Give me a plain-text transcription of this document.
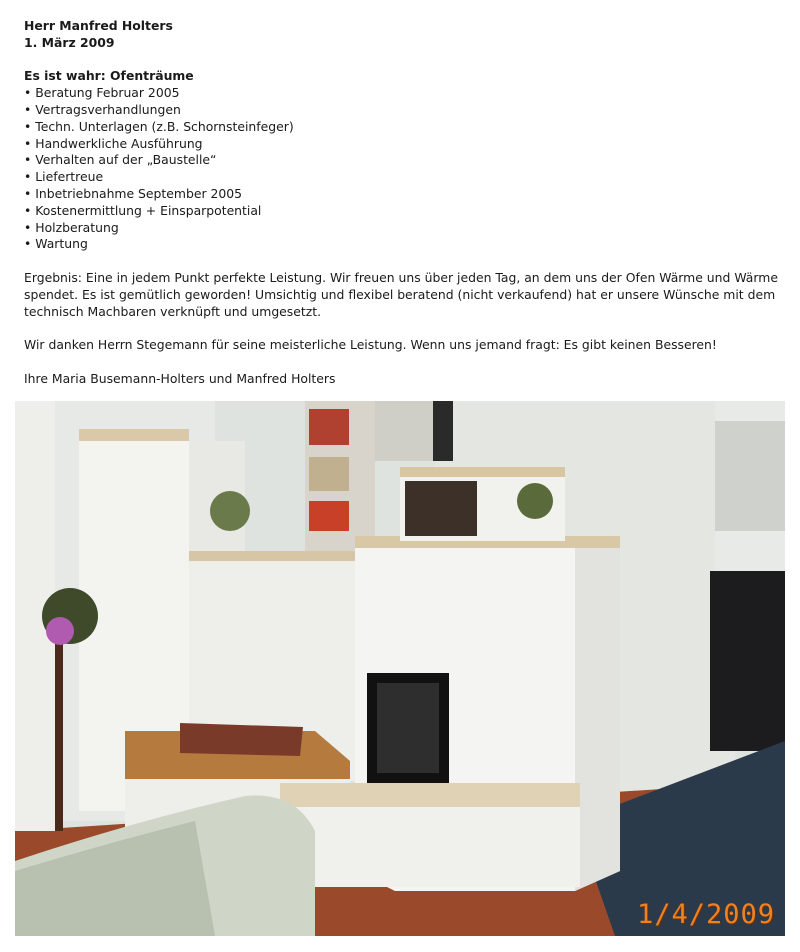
Herr Manfred Holters

1. März 2009

Es ist wahr: Ofenträume

• Beratung Februar 2005
• Vertragsverhandlungen
• Techn. Unterlagen (z.B. Schornsteinfeger)
• Handwerkliche Ausführung
• Verhalten auf der „Baustelle“
• Liefertreue
• Inbetriebnahme September 2005
• Kostenermittlung + Einsparpotential
• Holzberatung
• Wartung

Ergebnis: Eine in jedem Punkt perfekte Leistung. Wir freuen uns über jeden Tag, an dem uns der Ofen Wärme und Wärme spendet. Es ist gemütlich geworden! Umsichtig und flexibel beratend (nicht verkaufend) hat er unsere Wünsche mit dem technisch Machbaren verknüpft und umgesetzt.

Wir danken Herrn Stegemann für seine meisterliche Leistung. Wenn uns jemand fragt: Es gibt keinen Besseren!

Ihre Maria Busemann-Holters und Manfred Holters

1/4/2009
